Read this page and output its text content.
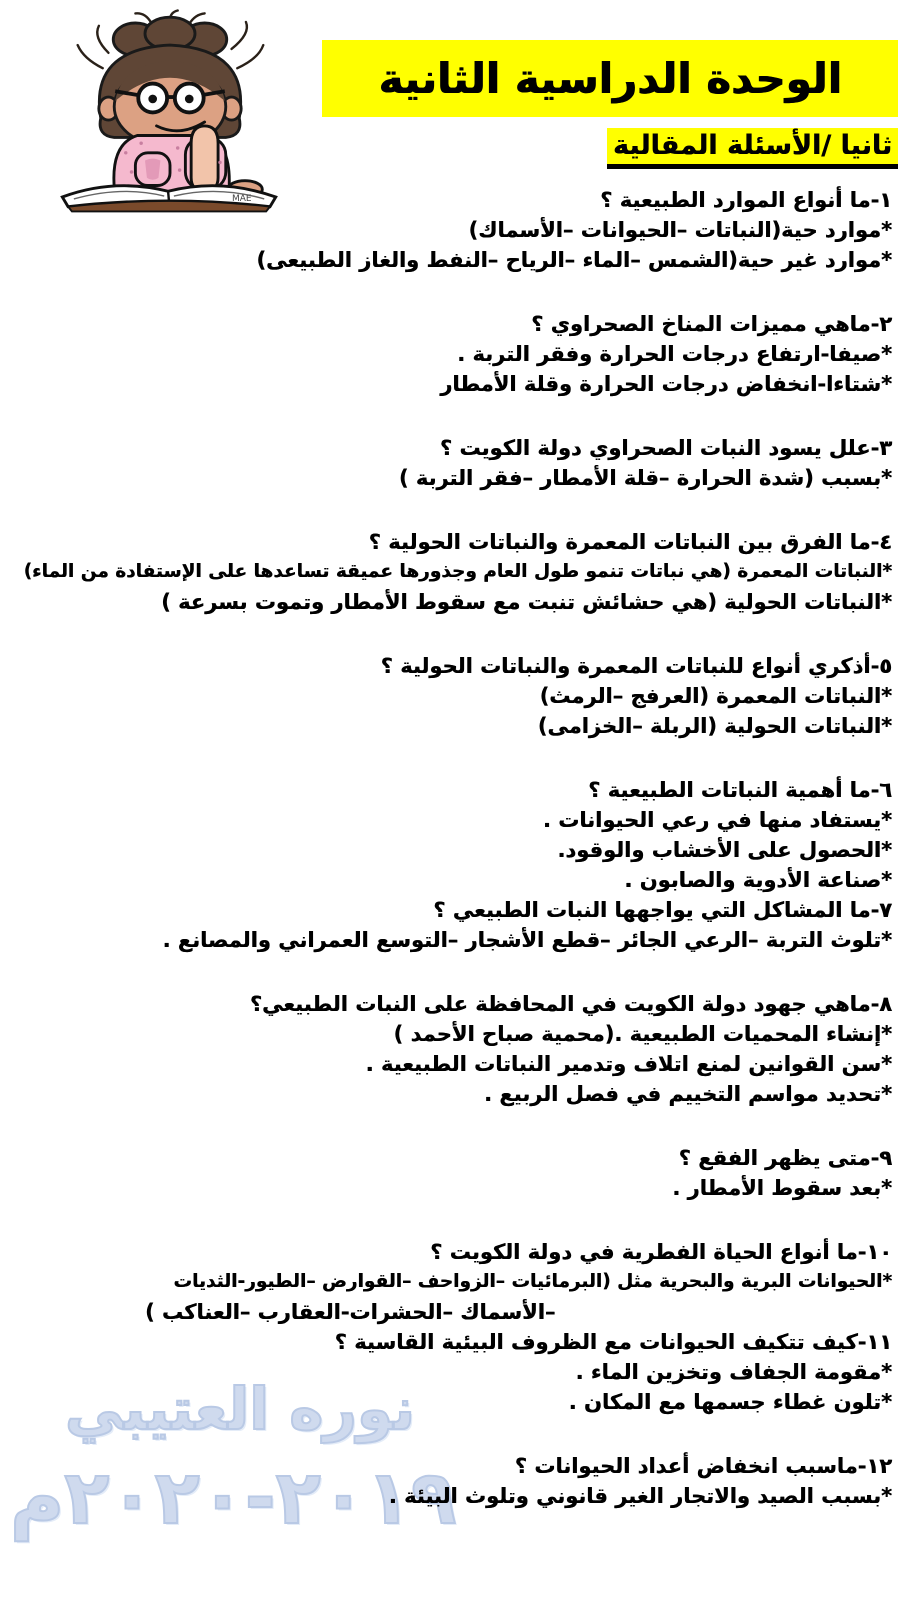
MAE
الوحدة الدراسية الثانية
ثانيا /الأسئلة المقالية
نوره العتيبي
٢٠١٩-٢٠٢٠م
١-ما أنواع الموارد الطبيعية ؟
*موارد حية(النباتات –الحيوانات –الأسماك)
*موارد غير حية(الشمس –الماء –الرياح –النفط والغاز الطبيعى)
٢-ماهي مميزات المناخ الصحراوي ؟
*صيفا-ارتفاع درجات الحرارة وفقر التربة .
*شتاءا-انخفاض درجات الحرارة وقلة الأمطار
٣-علل يسود النبات الصحراوي دولة الكويت ؟
*بسبب (شدة الحرارة –قلة الأمطار –فقر التربة )
٤-ما الفرق بين النباتات المعمرة والنباتات الحولية ؟
*النباتات المعمرة (هي نباتات تنمو طول العام وجذورها عميقة تساعدها على الإستفادة من الماء)
*النباتات الحولية (هي حشائش تنبت مع سقوط الأمطار وتموت بسرعة )
٥-أذكري أنواع للنباتات المعمرة والنباتات الحولية ؟
*النباتات المعمرة (العرفج –الرمث)
*النباتات الحولية (الربلة –الخزامى)
٦-ما أهمية النباتات الطبيعية ؟
*يستفاد منها في رعي الحيوانات .
*الحصول على الأخشاب والوقود.
*صناعة الأدوية والصابون .
٧-ما المشاكل التي يواجهها النبات الطبيعي ؟
*تلوث التربة –الرعي الجائر –قطع الأشجار –التوسع العمراني والمصانع .
٨-ماهي جهود دولة الكويت في المحافظة على النبات الطبيعي؟
*إنشاء المحميات الطبيعية .(محمية صباح الأحمد )
*سن القوانين لمنع اتلاف وتدمير النباتات الطبيعية .
*تحديد مواسم التخييم في فصل الربيع .
٩-متى يظهر الفقع ؟
*بعد سقوط الأمطار .
١٠-ما أنواع الحياة الفطرية في دولة الكويت ؟
*الحيوانات البرية والبحرية مثل (البرمائيات –الزواحف –القوارض –الطيور-الثديات
–الأسماك –الحشرات-العقارب –العناكب )
١١-كيف تتكيف الحيوانات مع الظروف البيئية القاسية ؟
*مقومة الجفاف وتخزين الماء .
*تلون غطاء جسمها مع المكان .
١٢-ماسبب انخفاض أعداد الحيوانات ؟
*بسبب الصيد والاتجار الغير قانوني وتلوث البيئة .
